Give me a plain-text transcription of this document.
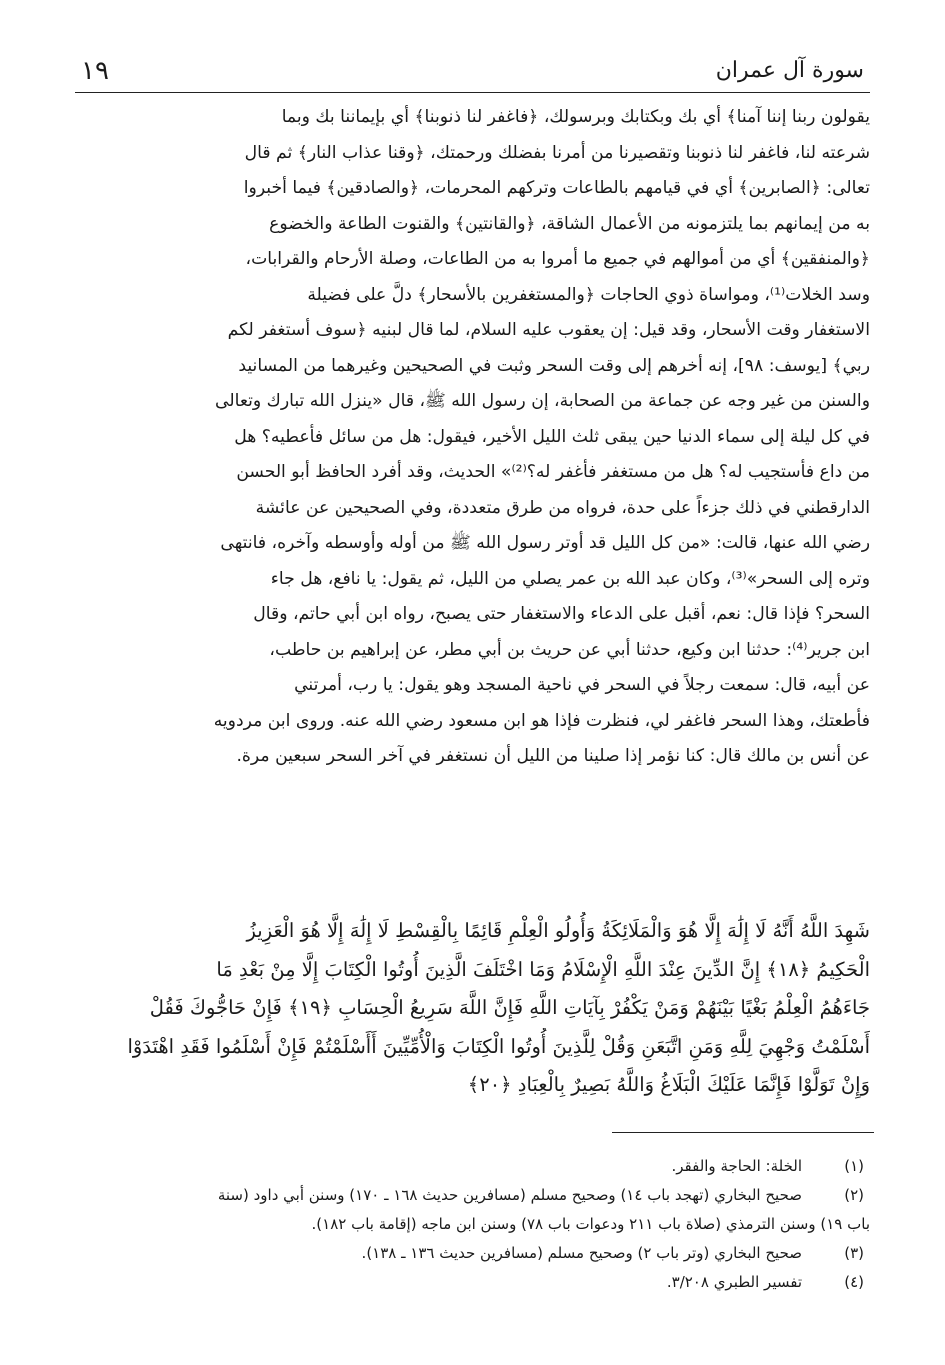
سورة آل عمران
١٩
يقولون ربنا إننا آمنا﴾ أي بك وبكتابك وبرسولك، ﴿فاغفر لنا ذنوبنا﴾ أي بإيماننا بك وبما
شرعته لنا، فاغفر لنا ذنوبنا وتقصيرنا من أمرنا بفضلك ورحمتك، ﴿وقنا عذاب النار﴾ ثم قال
تعالى: ﴿الصابرين﴾ أي في قيامهم بالطاعات وتركهم المحرمات، ﴿والصادقين﴾ فيما أخبروا
به من إيمانهم بما يلتزمونه من الأعمال الشاقة، ﴿والقانتين﴾ والقنوت الطاعة والخضوع
﴿والمنفقين﴾ أي من أموالهم في جميع ما أمروا به من الطاعات، وصلة الأرحام والقرابات،
وسد الخلات⁽¹⁾، ومواساة ذوي الحاجات ﴿والمستغفرين بالأسحار﴾ دلَّ على فضيلة
الاستغفار وقت الأسحار، وقد قيل: إن يعقوب عليه السلام، لما قال لبنيه ﴿سوف أستغفر لكم
ربي﴾ [يوسف: ٩٨]، إنه أخرهم إلى وقت السحر وثبت في الصحيحين وغيرهما من المسانيد
والسنن من غير وجه عن جماعة من الصحابة، إن رسول الله ﷺ، قال «ينزل الله تبارك وتعالى
في كل ليلة إلى سماء الدنيا حين يبقى ثلث الليل الأخير، فيقول: هل من سائل فأعطيه؟ هل
من داع فأستجيب له؟ هل من مستغفر فأغفر له؟⁽²⁾» الحديث، وقد أفرد الحافظ أبو الحسن
الدارقطني في ذلك جزءاً على حدة، فرواه من طرق متعددة، وفي الصحيحين عن عائشة
رضي الله عنها، قالت: «من كل الليل قد أوتر رسول الله ﷺ من أوله وأوسطه وآخره، فانتهى
وتره إلى السحر»⁽³⁾، وكان عبد الله بن عمر يصلي من الليل، ثم يقول: يا نافع، هل جاء
السحر؟ فإذا قال: نعم، أقبل على الدعاء والاستغفار حتى يصبح، رواه ابن أبي حاتم، وقال
ابن جرير⁽⁴⁾: حدثنا ابن وكيع، حدثنا أبي عن حريث بن أبي مطر، عن إبراهيم بن حاطب،
عن أبيه، قال: سمعت رجلاً في السحر في ناحية المسجد وهو يقول: يا رب، أمرتني
فأطعتك، وهذا السحر فاغفر لي، فنظرت فإذا هو ابن مسعود رضي الله عنه. وروى ابن مردويه
عن أنس بن مالك قال: كنا نؤمر إذا صلينا من الليل أن نستغفر في آخر السحر سبعين مرة.
شَهِدَ اللَّهُ أَنَّهُ لَا إِلَٰهَ إِلَّا هُوَ وَالْمَلَائِكَةُ وَأُولُو الْعِلْمِ قَائِمًا بِالْقِسْطِ لَا إِلَٰهَ إِلَّا هُوَ الْعَزِيزُ
الْحَكِيمُ ﴿١٨﴾ إِنَّ الدِّينَ عِنْدَ اللَّهِ الْإِسْلَامُ وَمَا اخْتَلَفَ الَّذِينَ أُوتُوا الْكِتَابَ إِلَّا مِنْ بَعْدِ مَا
جَاءَهُمُ الْعِلْمُ بَغْيًا بَيْنَهُمْ وَمَنْ يَكْفُرْ بِآيَاتِ اللَّهِ فَإِنَّ اللَّهَ سَرِيعُ الْحِسَابِ ﴿١٩﴾ فَإِنْ حَاجُّوكَ فَقُلْ
أَسْلَمْتُ وَجْهِيَ لِلَّهِ وَمَنِ اتَّبَعَنِ وَقُلْ لِلَّذِينَ أُوتُوا الْكِتَابَ وَالْأُمِّيِّينَ أَأَسْلَمْتُمْ فَإِنْ أَسْلَمُوا فَقَدِ اهْتَدَوْا
وَإِنْ تَوَلَّوْا فَإِنَّمَا عَلَيْكَ الْبَلَاغُ وَاللَّهُ بَصِيرٌ بِالْعِبَادِ ﴿٢٠﴾
(١)
الخلة: الحاجة والفقر.
(٢)
صحيح البخاري (تهجد باب ١٤) وصحيح مسلم (مسافرين حديث ١٦٨ ـ ١٧٠) وسنن أبي داود (سنة
باب ١٩) وسنن الترمذي (صلاة باب ٢١١ ودعوات باب ٧٨) وسنن ابن ماجه (إقامة باب ١٨٢).
(٣)
صحيح البخاري (وتر باب ٢) وصحيح مسلم (مسافرين حديث ١٣٦ ـ ١٣٨).
(٤)
تفسير الطبري ٣/٢٠٨.
